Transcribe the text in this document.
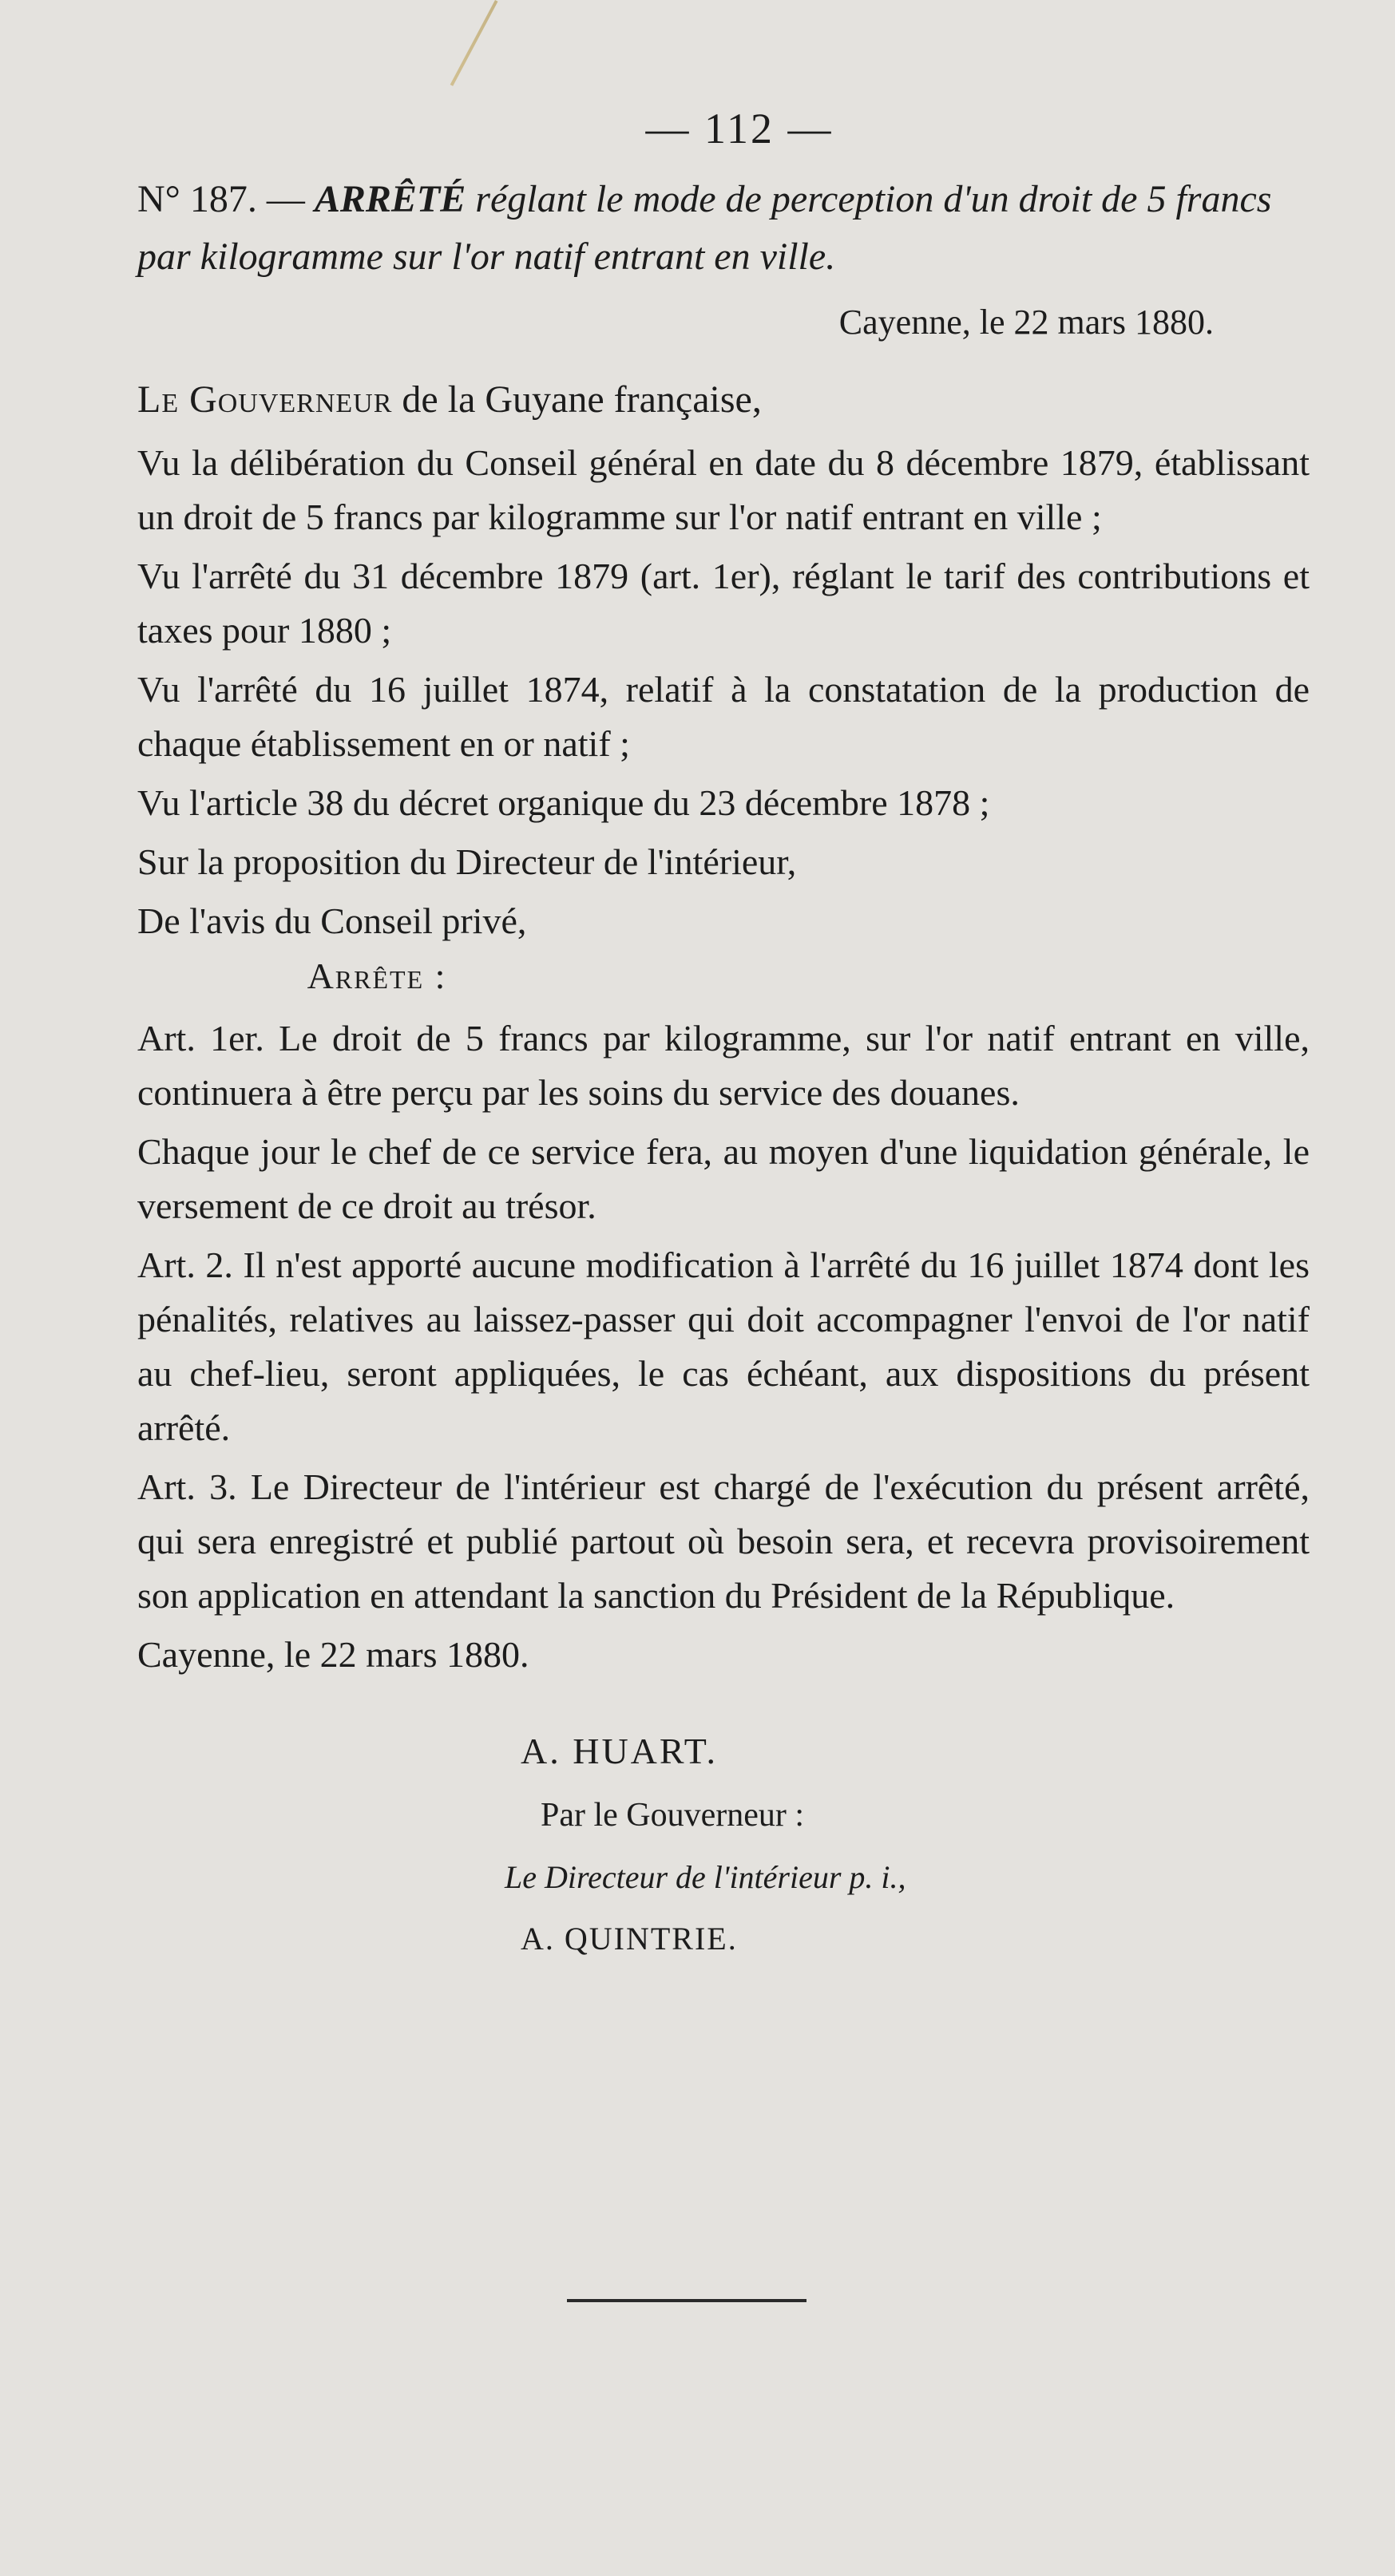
— 112 —

N° 187. — ARRÊTÉ réglant le mode de perception d'un droit de 5 francs par kilogramme sur l'or natif entrant en ville.

Cayenne, le 22 mars 1880.

Le Gouverneur de la Guyane française,

Vu la délibération du Conseil général en date du 8 décembre 1879, établissant un droit de 5 francs par kilogramme sur l'or natif entrant en ville ;

Vu l'arrêté du 31 décembre 1879 (art. 1er), réglant le tarif des contributions et taxes pour 1880 ;

Vu l'arrêté du 16 juillet 1874, relatif à la constatation de la production de chaque établissement en or natif ;

Vu l'article 38 du décret organique du 23 décembre 1878 ;

Sur la proposition du Directeur de l'intérieur,

De l'avis du Conseil privé,

Arrête :

Art. 1er. Le droit de 5 francs par kilogramme, sur l'or natif entrant en ville, continuera à être perçu par les soins du service des douanes.

Chaque jour le chef de ce service fera, au moyen d'une liquidation générale, le versement de ce droit au trésor.

Art. 2. Il n'est apporté aucune modification à l'arrêté du 16 juillet 1874 dont les pénalités, relatives au laissez-passer qui doit accompagner l'envoi de l'or natif au chef-lieu, seront appliquées, le cas échéant, aux dispositions du présent arrêté.

Art. 3. Le Directeur de l'intérieur est chargé de l'exécution du présent arrêté, qui sera enregistré et publié partout où besoin sera, et recevra provisoirement son application en attendant la sanction du Président de la République.

Cayenne, le 22 mars 1880.

A. HUART.
Par le Gouverneur :
Le Directeur de l'intérieur p. i.,
A. QUINTRIE.
